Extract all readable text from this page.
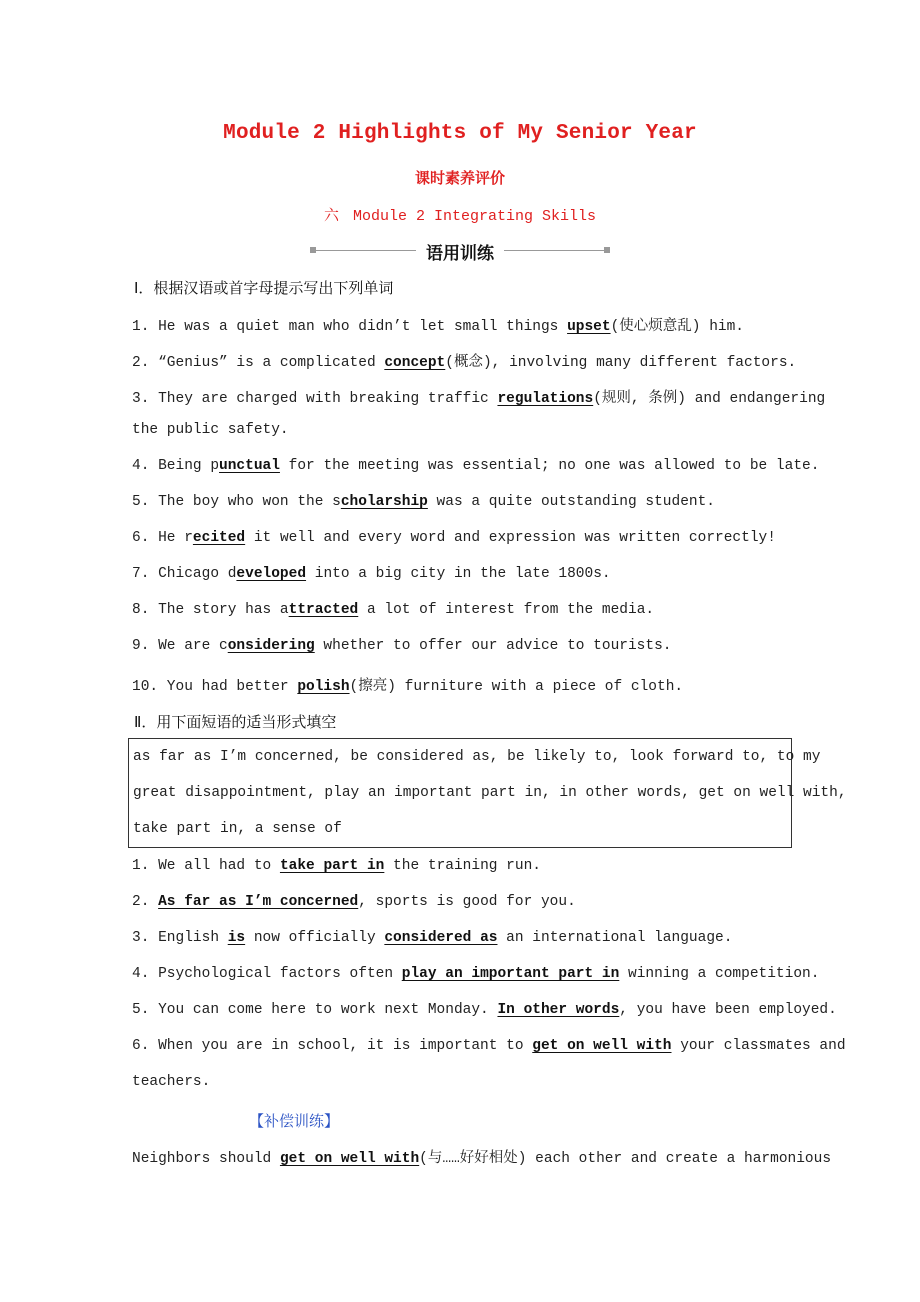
Module 2 Highlights of My Senior Year
课时素养评价
六 Module 2 Integrating Skills
语用训练
Ⅰ．根据汉语或首字母提示写出下列单词
1. He was a quiet man who didn’t let small things upset(使心烦意乱) him.
2. “Genius” is a complicated concept(概念), involving many different factors.
3. They are charged with breaking traffic regulations(规则, 条例) and endangering
the public safety.
4. Being punctual for the meeting was essential; no one was allowed to be late.
5. The boy who won the scholarship was a quite outstanding student.
6. He recited it well and every word and expression was written correctly!
7. Chicago developed into a big city in the late 1800s.
8. The story has attracted a lot of interest from the media.
9. We are considering whether to offer our advice to tourists.
10. You had better polish(擦亮) furniture with a piece of cloth.
Ⅱ．用下面短语的适当形式填空
as far as I’m concerned, be considered as, be likely to, look forward to, to my
great disappointment, play an important part in, in other words, get on well with,
take part in, a sense of
1. We all had to take part in the training run.
2. As far as I’m concerned, sports is good for you.
3. English is now officially considered as an international language.
4. Psychological factors often play an important part in winning a competition.
5. You can come here to work next Monday. In other words, you have been employed.
6. When you are in school, it is important to get on well with your classmates and
teachers.
【补偿训练】
Neighbors should get on well with(与……好好相处) each other and create a harmonious
